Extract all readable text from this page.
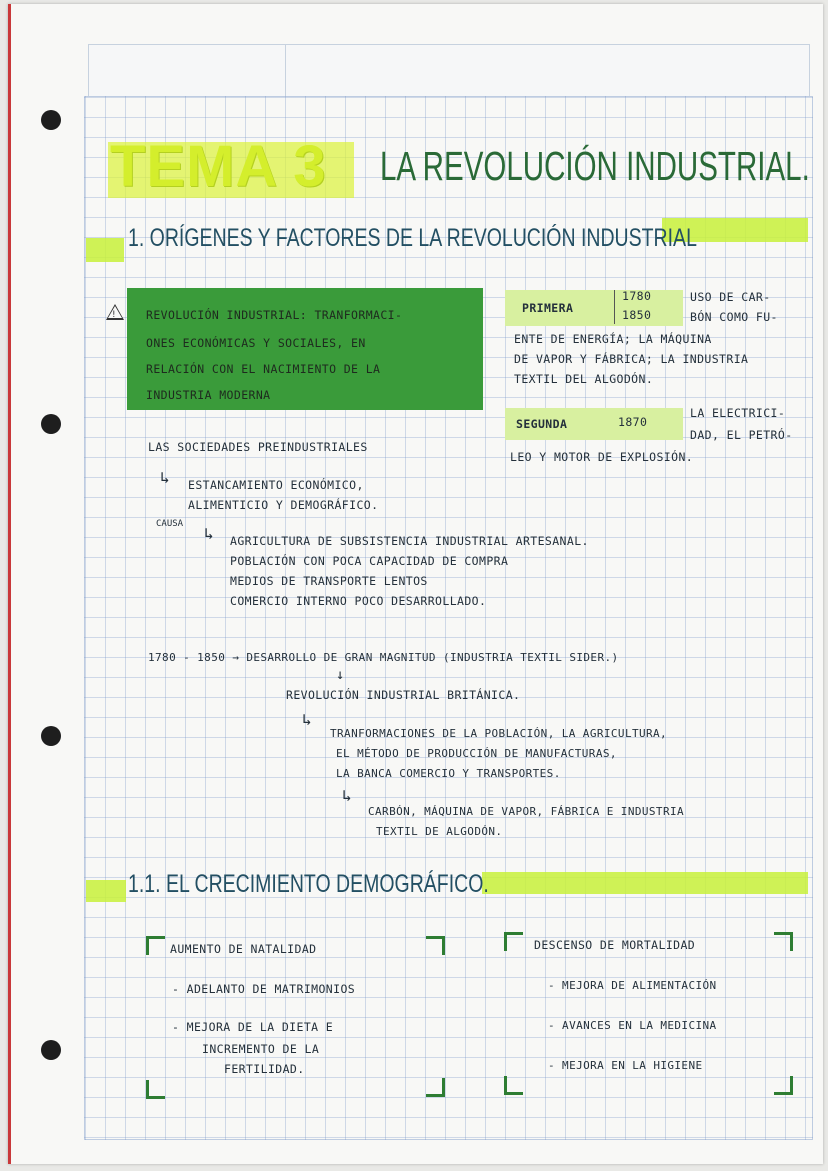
TEMA 3 LA REVOLUCIÓN INDUSTRIAL.
1. ORÍGENES Y FACTORES DE LA REVOLUCIÓN INDUSTRIAL
!	REVOLUCIÓN INDUSTRIAL: TRANFORMACI-
ONES ECONÓMICAS Y SOCIALES, EN
RELACIÓN CON EL NACIMIENTO DE LA
INDUSTRIA MODERNA
PRIMERA
1780
1850
USO DE CAR-
BÓN COMO FU-
ENTE DE ENERGÍA; LA MÁQUINA
DE VAPOR Y FÁBRICA; LA INDUSTRIA
TEXTIL DEL ALGODÓN.
SEGUNDA	1870
LA ELECTRICI-
DAD, EL PETRÓ-
LEO Y MOTOR DE EXPLOSIÓN.
LAS SOCIEDADES PREINDUSTRIALES
↳ ESTANCAMIENTO ECONÓMICO,
ALIMENTICIO Y DEMOGRÁFICO.
CAUSA ↳ AGRICULTURA DE SUBSISTENCIA INDUSTRIAL ARTESANAL.
POBLACIÓN CON POCA CAPACIDAD DE COMPRA
MEDIOS DE TRANSPORTE LENTOS
COMERCIO INTERNO POCO DESARROLLADO.
1780 - 1850 → DESARROLLO DE GRAN MAGNITUD (INDUSTRIA TEXTIL SIDER.)
↓
REVOLUCIÓN INDUSTRIAL BRITÁNICA.
↳
TRANFORMACIONES DE LA POBLACIÓN, LA AGRICULTURA,
EL MÉTODO DE PRODUCCIÓN DE MANUFACTURAS,
LA BANCA COMERCIO Y TRANSPORTES.
↳
CARBÓN, MÁQUINA DE VAPOR, FÁBRICA E INDUSTRIA
TEXTIL DE ALGODÓN.
1.1. EL CRECIMIENTO DEMOGRÁFICO.
AUMENTO DE NATALIDAD
- ADELANTO DE MATRIMONIOS
- MEJORA DE LA DIETA E
INCREMENTO DE LA
FERTILIDAD.
DESCENSO DE MORTALIDAD
- MEJORA DE ALIMENTACIÓN
- AVANCES EN LA MEDICINA
- MEJORA EN LA HIGIENE
